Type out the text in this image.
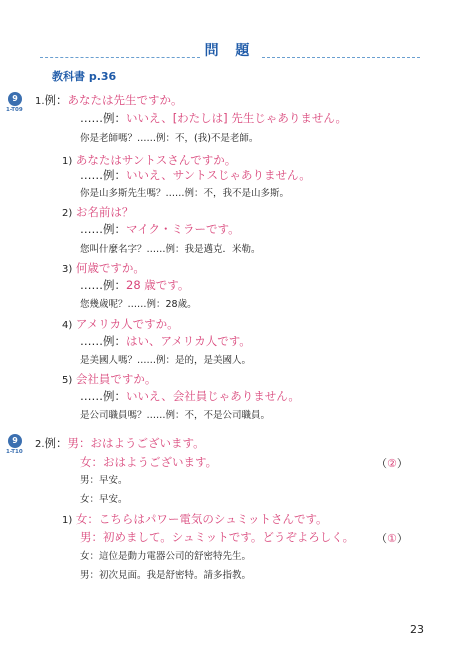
問 題
教科書 p.36
9
1-T09
1.例：あなたは先生ですか。
……例：いいえ、[わたしは] 先生じゃありません。
你是老師嗎？……例：不，(我)不是老師。
1) あなたはサントスさんですか。
……例：いいえ、サントスじゃありません。
你是山多斯先生嗎？……例：不，我不是山多斯。
2) お名前は？
……例：マイク・ミラーです。
您叫什麼名字？……例：我是邁克．米勒。
3) 何歳ですか。
……例：28 歳です。
您幾歲呢？……例：28歲。
4) アメリカ人ですか。
……例：はい、アメリカ人です。
是美國人嗎？……例：是的，是美國人。
5) 会社員ですか。
……例：いいえ、会社員じゃありません。
是公司職員嗎？……例：不，不是公司職員。
9
1-T10
2.例：男：おはようございます。
女：おはようございます。	（②）
男：早安。
女：早安。
1) 女：こちらはパワー電気のシュミットさんです。
男：初めまして。シュミットです。どうぞよろしく。 （①）
女：這位是動力電器公司的舒密特先生。
男：初次見面。我是舒密特。請多指教。
23
